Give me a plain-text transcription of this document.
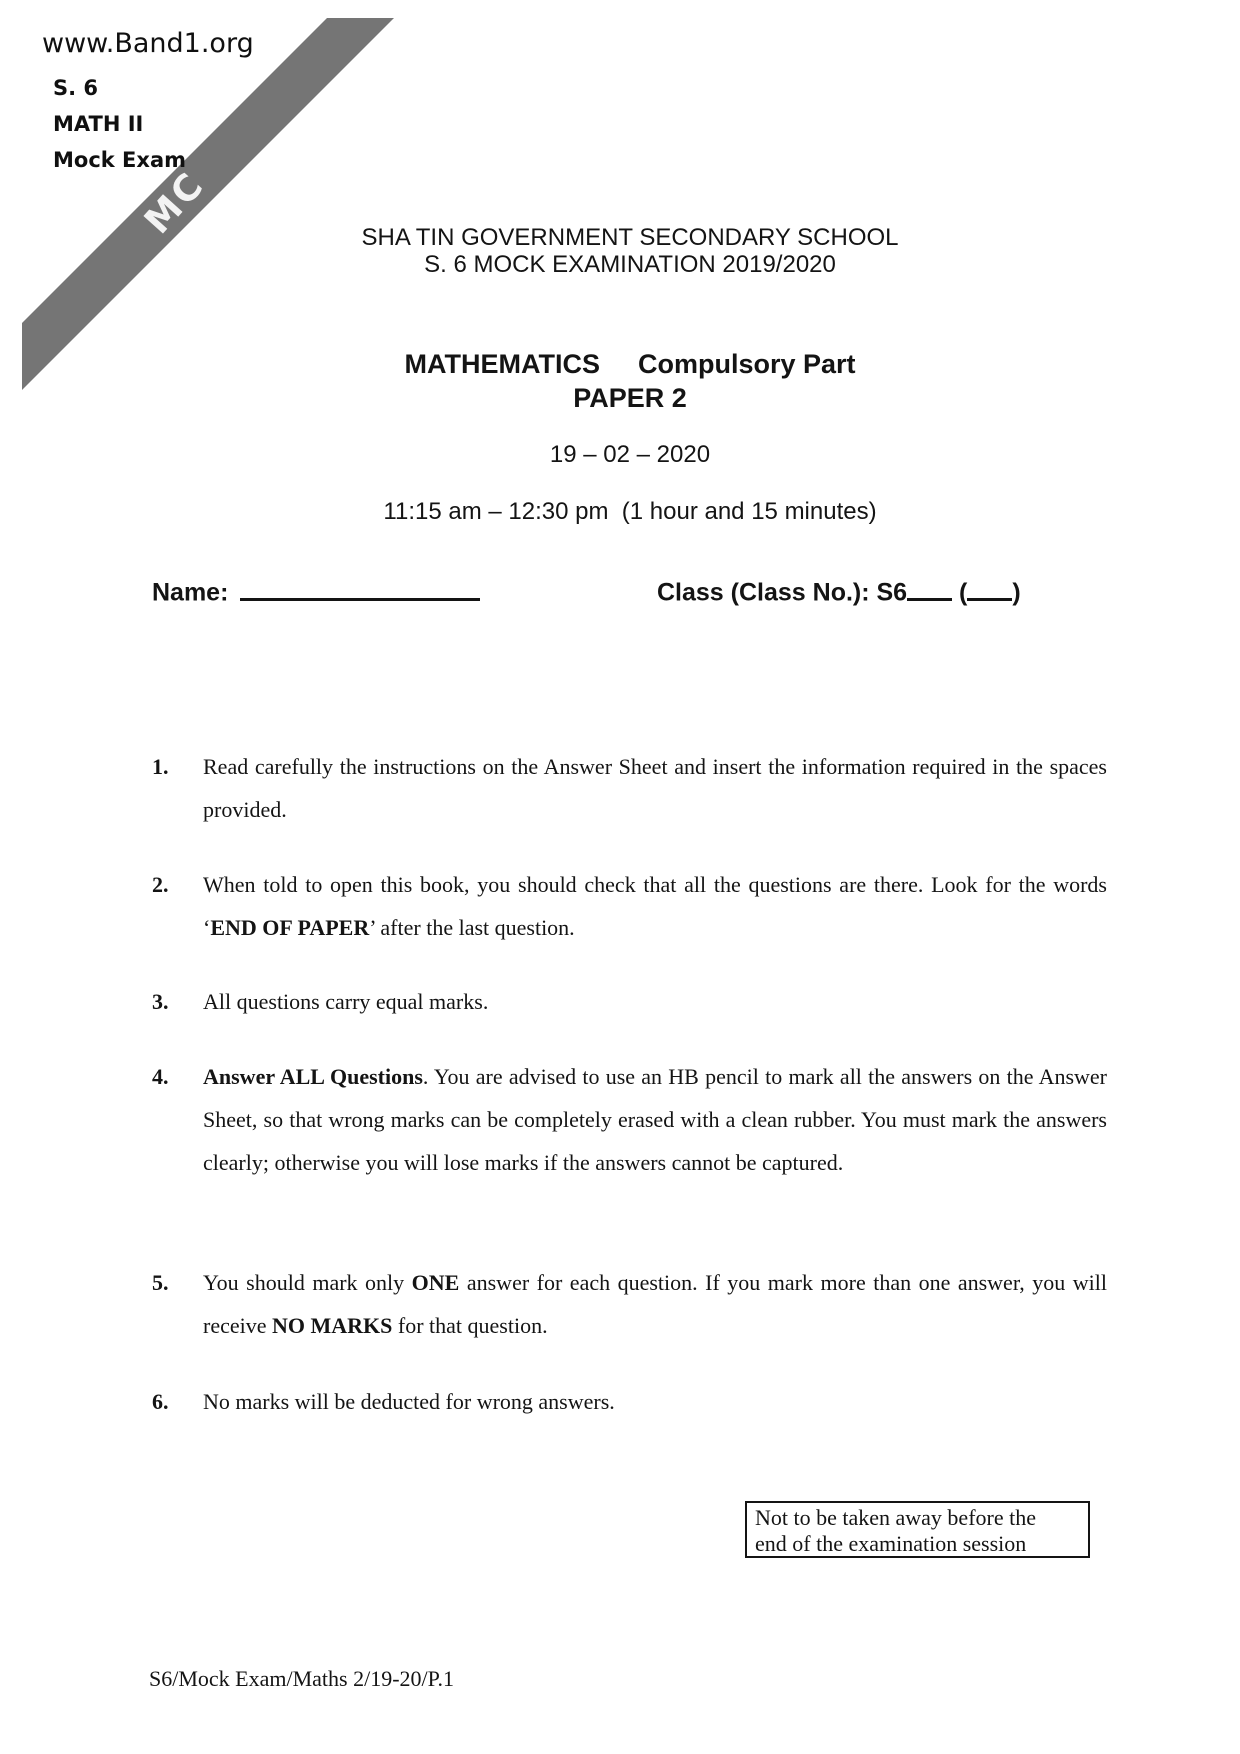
MC
www.Band1.org
S. 6
MATH II
Mock Exam
SHA TIN GOVERNMENT SECONDARY SCHOOL
S. 6 MOCK EXAMINATION 2019/2020
MATHEMATICS Compulsory Part
PAPER 2
19 – 02 – 2020
11:15 am – 12:30 pm  (1 hour and 15 minutes)
Name:	Class (Class No.): S6 ( )
1. Read carefully the instructions on the Answer Sheet and insert the information required in the spaces provided.
2. When told to open this book, you should check that all the questions are there. Look for the words ‘END OF PAPER’ after the last question.
3. All questions carry equal marks.
4. Answer ALL Questions. You are advised to use an HB pencil to mark all the answers on the Answer Sheet, so that wrong marks can be completely erased with a clean rubber. You must mark the answers clearly; otherwise you will lose marks if the answers cannot be captured.
5. You should mark only ONE answer for each question. If you mark more than one answer, you will receive NO MARKS for that question.
6. No marks will be deducted for wrong answers.
Not to be taken away before the
end of the examination session
S6/Mock Exam/Maths 2/19-20/P.1
